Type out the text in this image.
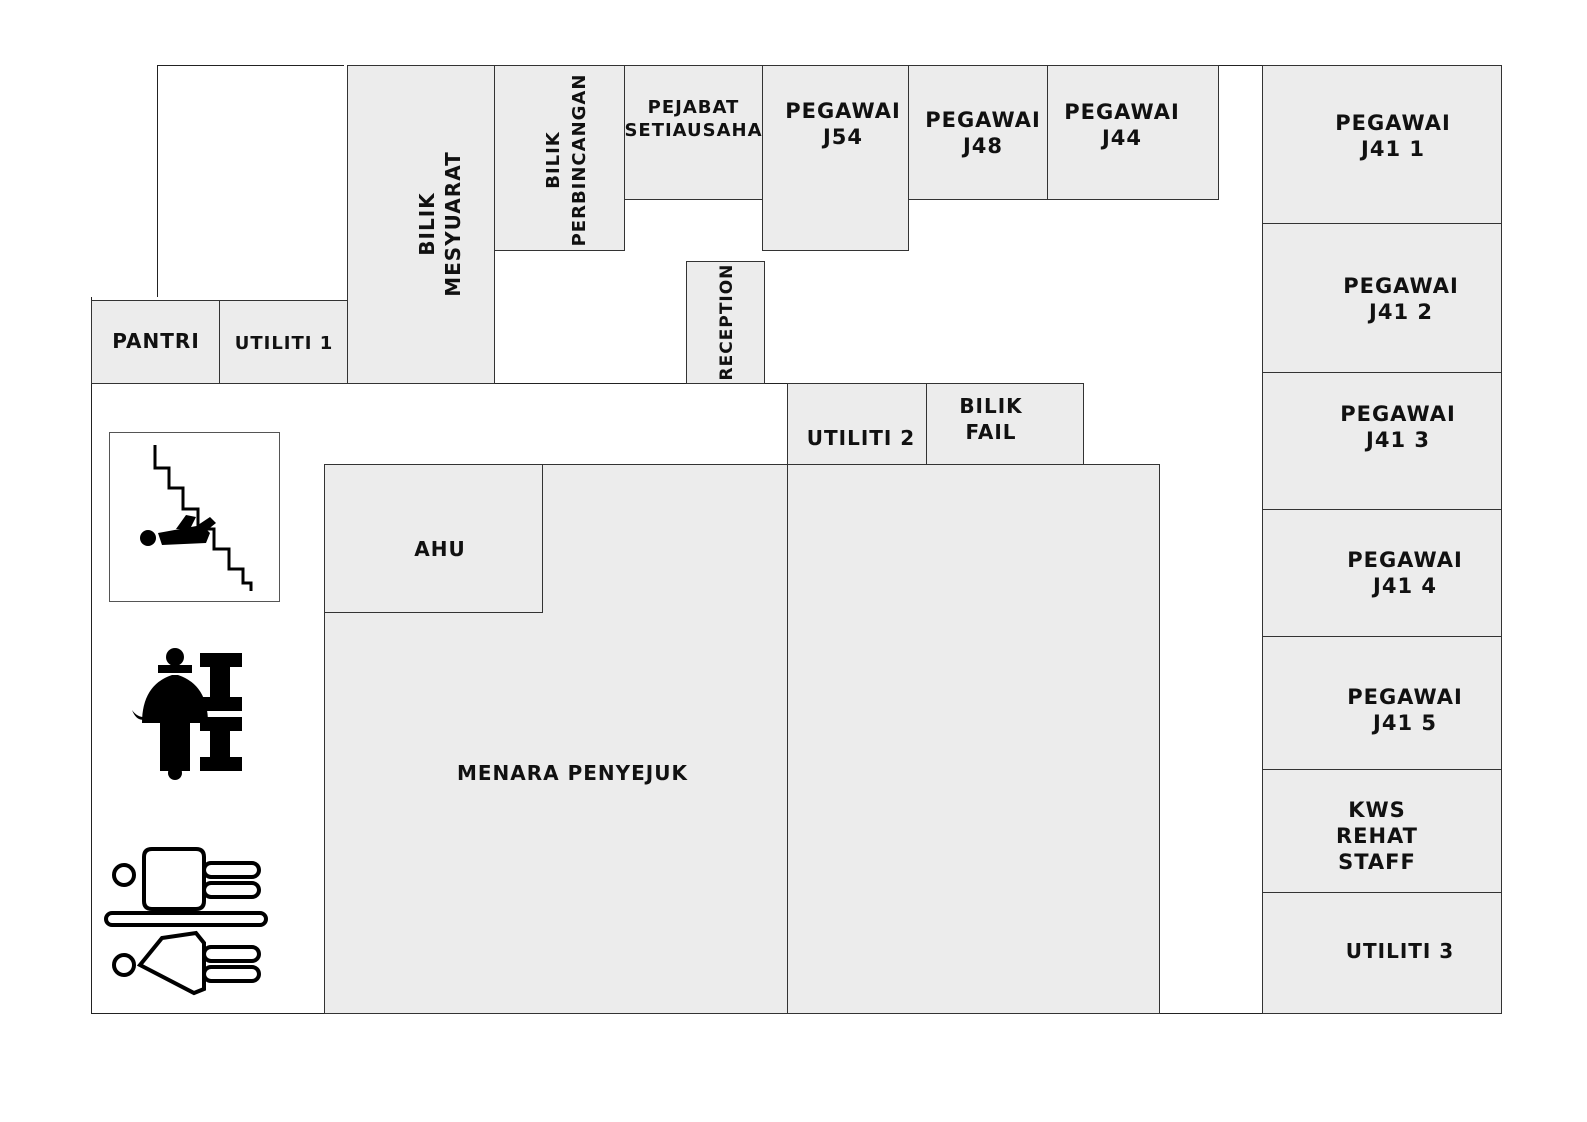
PANTRI	UTILITI 1
BILIK
MESYUARAT	BILIK
PERBINCANGAN	PEJABAT
SETIAUSAHA
PEGAWAI
J54
PEGAWAI
J48
PEGAWAI
J44
RECEPTION
UTILITI 2
BILIK
FAIL
AHU
MENARA PENYEJUK
PEGAWAI
J41 1
PEGAWAI
J41 2
PEGAWAI
J41 3
PEGAWAI
J41 4
PEGAWAI
J41 5
KWS
REHAT
STAFF
UTILITI 3
